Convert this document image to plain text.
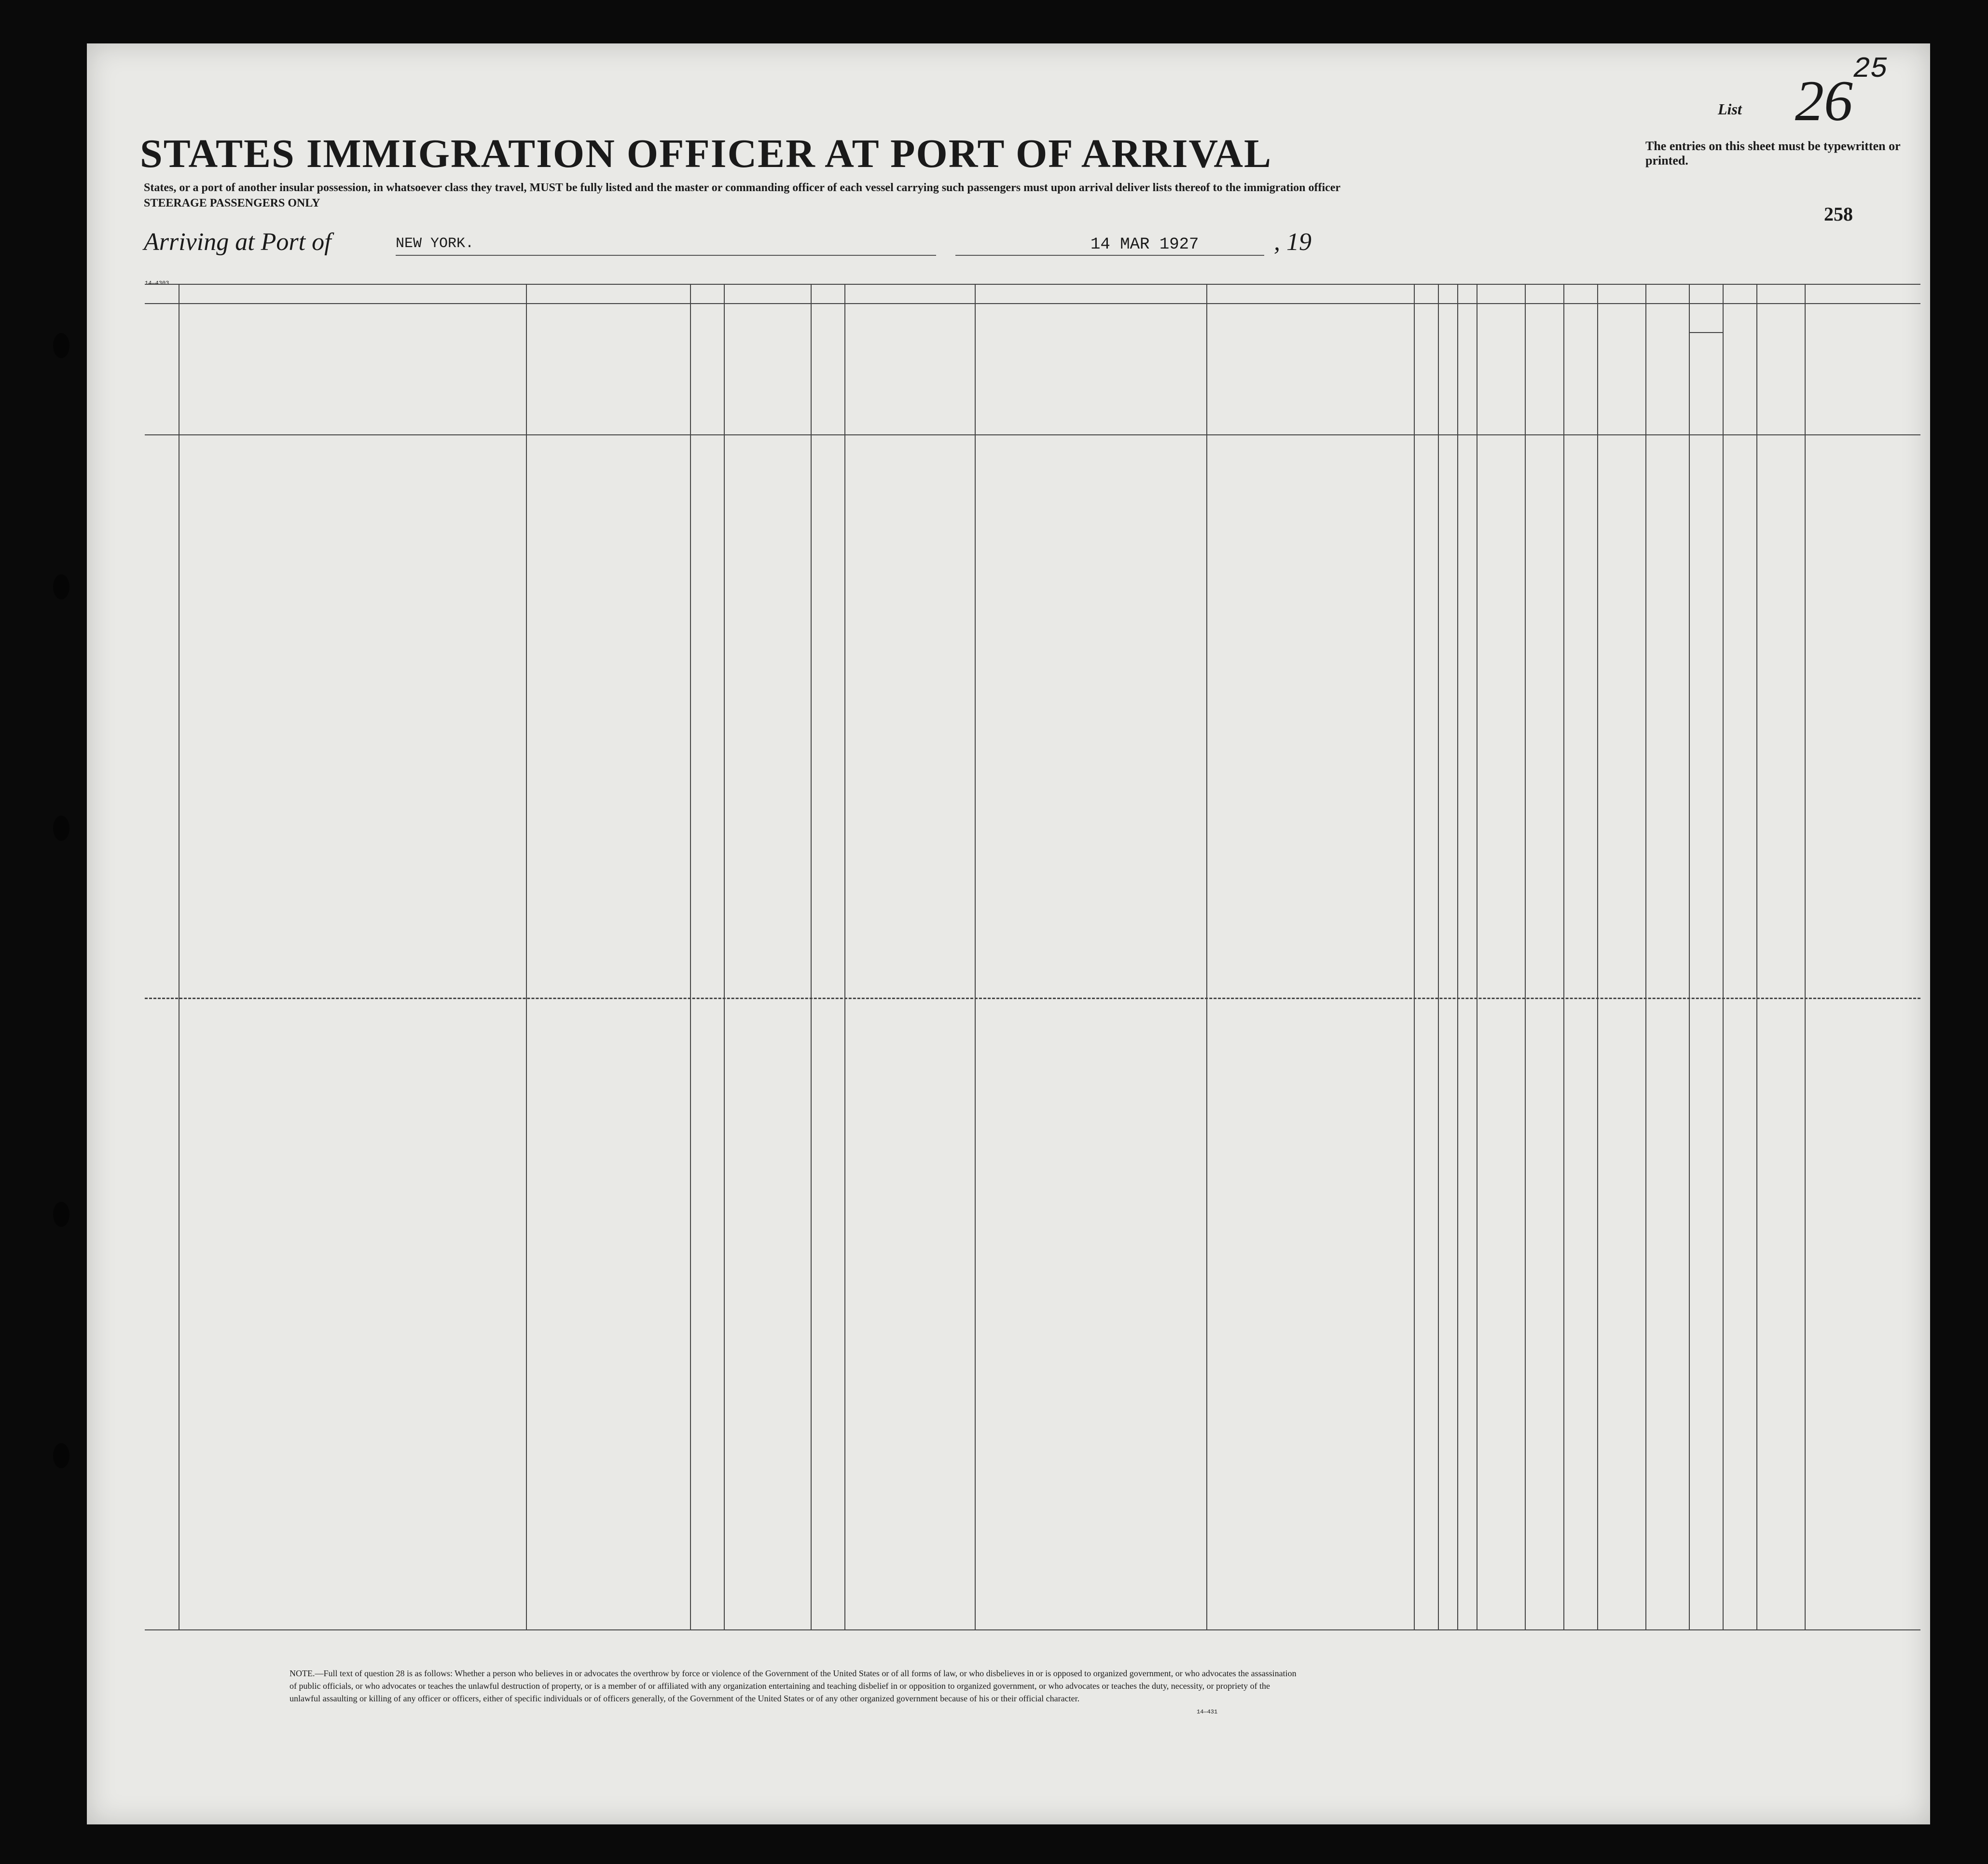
25
List 26
STATES IMMIGRATION OFFICER AT PORT OF ARRIVAL	The entries on this sheet must be typewritten or printed.
States, or a port of another insular possession, in whatsoever class they travel, MUST be fully listed and the master or commanding officer of each vessel carrying such passengers must upon arrival deliver lists thereof to the immigration officer
STEERAGE PASSENGERS ONLY	258
Arriving at Port of	NEW YORK.	14 MAR 1927	, 19
14—4303
NOTE.—Full text of question 28 is as follows: Whether a person who believes in or advocates the overthrow by force or violence of the Government of the United States or of all forms of law, or who disbelieves in or is opposed to organized government, or who advocates the assassination of public officials, or who advocates or teaches the unlawful destruction of property, or is a member of or affiliated with any organization entertaining and teaching disbelief in or opposition to organized government, or who advocates or teaches the duty, necessity, or propriety of the unlawful assaulting or killing of any officer or officers, either of specific individuals or of officers generally, of the Government of the United States or of any other organized government because of his or their official character.
14—431
